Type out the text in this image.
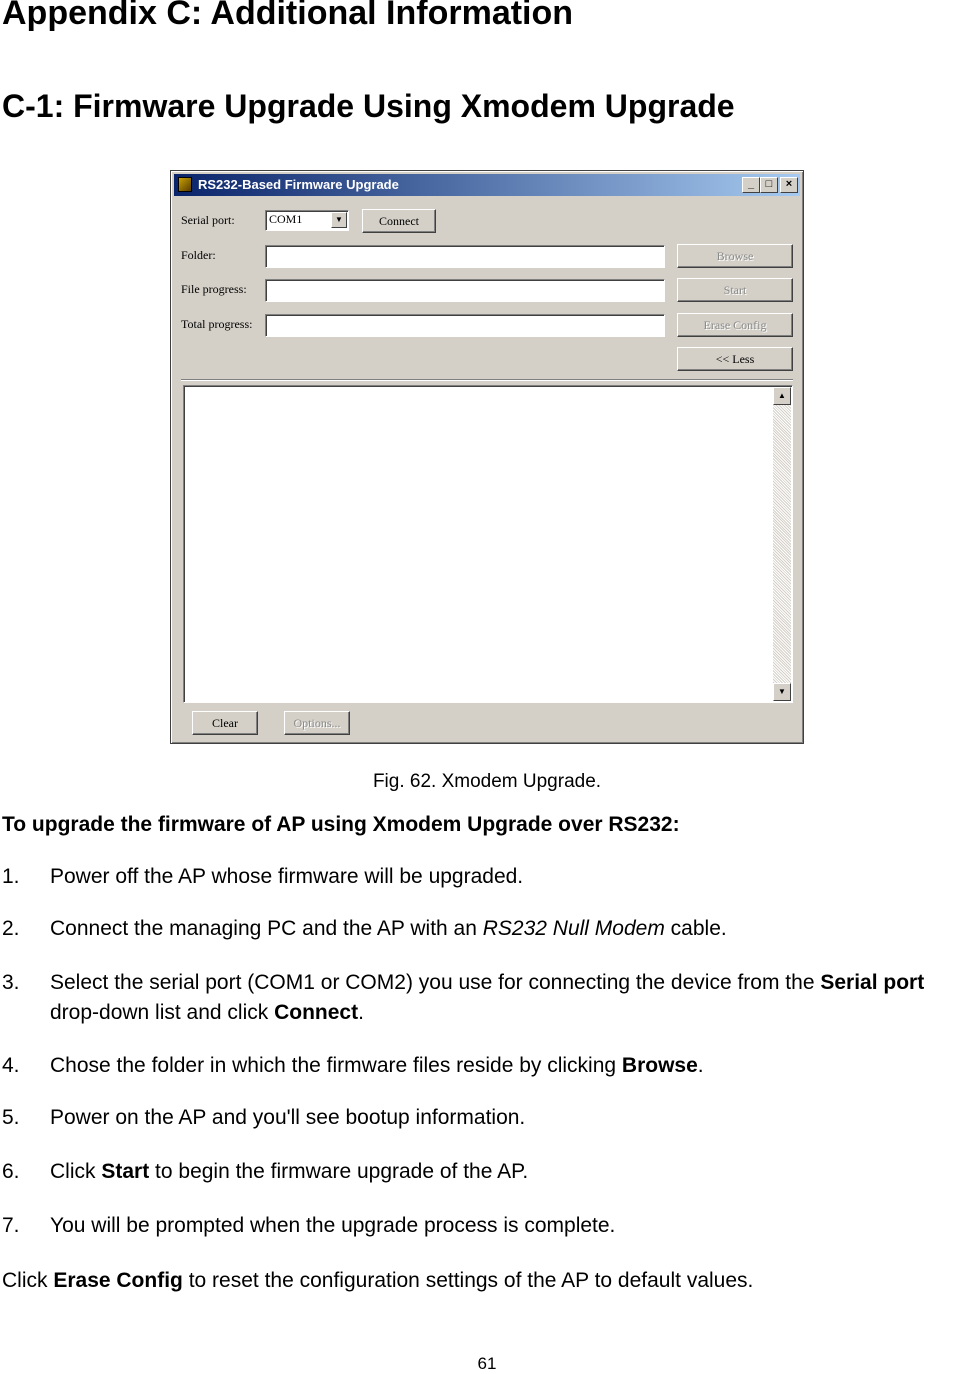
Appendix C: Additional Information
C-1: Firmware Upgrade Using Xmodem Upgrade
RS232-Based Firmware Upgrade	_	□	×
Serial port:	COM1	▼	Connect
Folder:	Browse
File progress:	Start
Total progress:	Erase Config
<< Less
▲
▼
Clear	Options...
Fig. 62. Xmodem Upgrade.
To upgrade the firmware of AP using Xmodem Upgrade over RS232:
1. Power off the AP whose firmware will be upgraded.
2. Connect the managing PC and the AP with an RS232 Null Modem cable.
3. Select the serial port (COM1 or COM2) you use for connecting the device from the Serial port drop-down list and click Connect.
4. Chose the folder in which the firmware files reside by clicking Browse.
5. Power on the AP and you'll see bootup information.
6. Click Start to begin the firmware upgrade of the AP.
7. You will be prompted when the upgrade process is complete.
Click Erase Config to reset the configuration settings of the AP to default values.
61
